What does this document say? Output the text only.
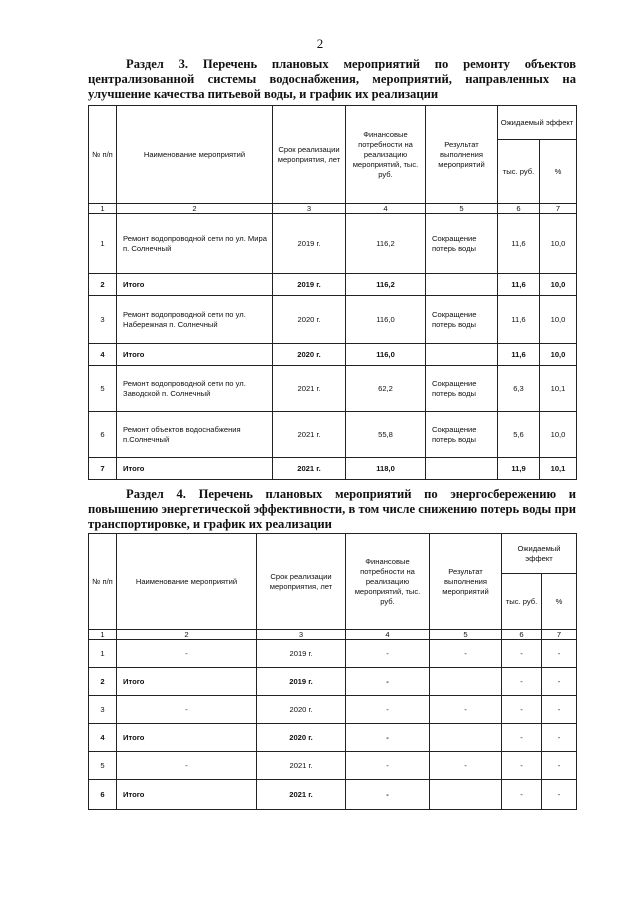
2
Раздел 3. Перечень плановых мероприятий по ремонту объектов централизованной системы водоснабжения, мероприятий, направленных на улучшение качества питьевой воды, и график их реализации
№ п/п	Наименование мероприятий	Срок реализации мероприятия, лет	Финансовые потребности на реализацию мероприятий, тыс. руб.	Результат выполнения мероприятий	Ожидаемый эффект	
					тыс. руб.	%
1	2	3	4	5	6	7
1	Ремонт водопроводной сети по ул. Мира п. Солнечный	2019 г.	116,2	Сокращение потерь воды	11,6	10,0
2	Итого	2019 г.	116,2		11,6	10,0
3	Ремонт водопроводной сети по ул. Набережная п. Солнечный	2020 г.	116,0	Сокращение потерь воды	11,6	10,0
4	Итого	2020 г.	116,0		11,6	10,0
5	Ремонт водопроводной сети по ул. Заводской п. Солнечный	2021 г.	62,2	Сокращение потерь воды	6,3	10,1
6	Ремонт объектов водоснабжения п.Солнечный	2021 г.	55,8	Сокращение потерь воды	5,6	10,0
7	Итого	2021 г.	118,0		11,9	10,1
Раздел 4. Перечень плановых мероприятий по энергосбережению и повышению энергетической эффективности, в том числе снижению потерь воды при транспортировке, и график их реализации
№ п/п	Наименование мероприятий	Срок реализации мероприятия, лет	Финансовые потребности на реализацию мероприятий, тыс. руб.	Результат выполнения мероприятий	Ожидаемый эффект	
					тыс. руб.	%
1	2	3	4	5	6	7
1	-	2019 г.	-	-	-	-
2	Итого	2019 г.	-		-	-
3	-	2020 г.	-	-	-	-
4	Итого	2020 г.	-		-	-
5	-	2021 г.	-	-	-	-
6	Итого	2021 г.	-		-	-
